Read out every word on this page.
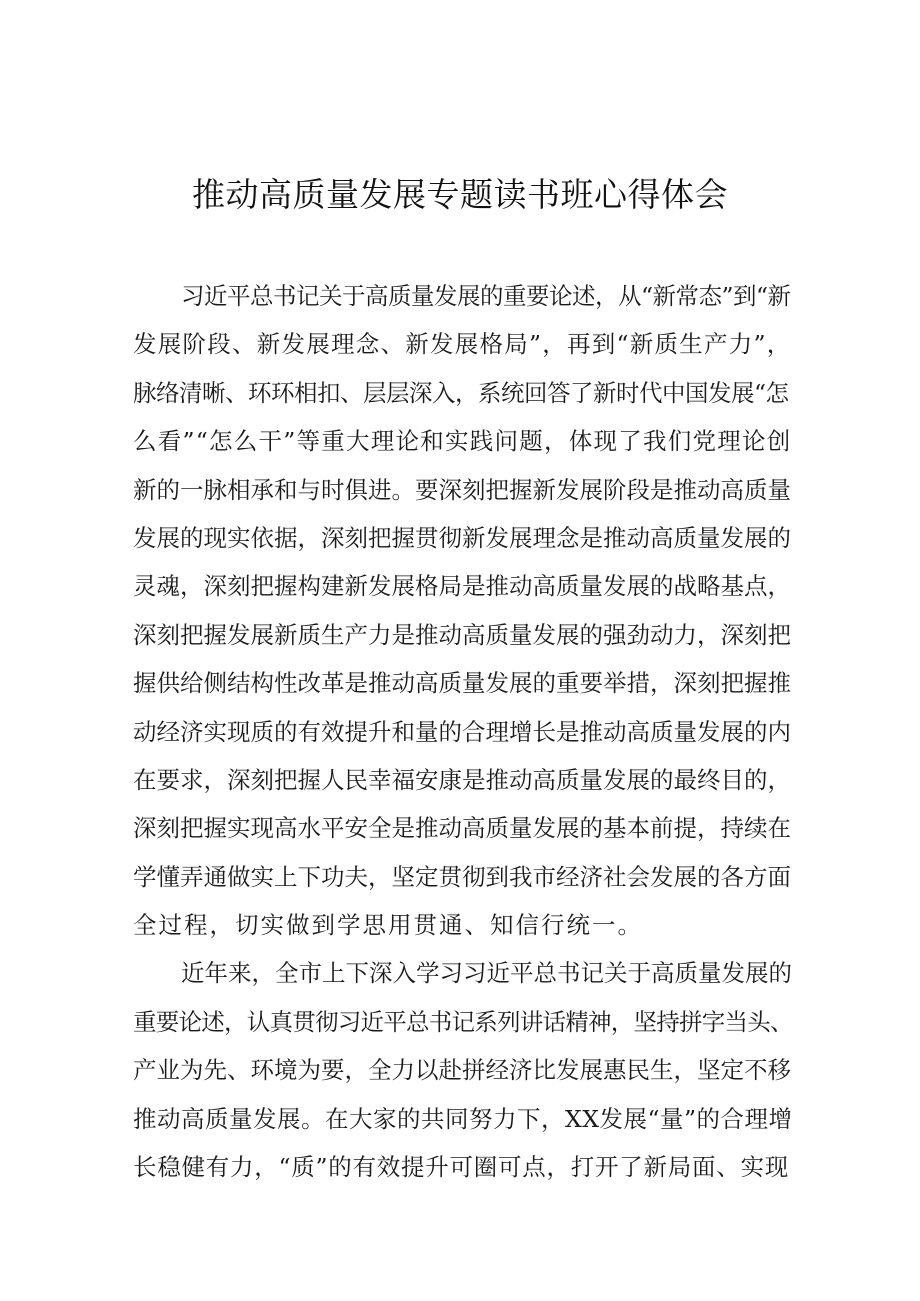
推动高质量发展专题读书班心得体会

习近平总书记关于高质量发展的重要论述，从“新常态”到“新
发展阶段、新发展理念、新发展格局”，再到“新质生产力”，
脉络清晰、环环相扣、层层深入，系统回答了新时代中国发展“怎
么看”“怎么干”等重大理论和实践问题，体现了我们党理论创
新的一脉相承和与时俱进。要深刻把握新发展阶段是推动高质量
发展的现实依据，深刻把握贯彻新发展理念是推动高质量发展的
灵魂，深刻把握构建新发展格局是推动高质量发展的战略基点，
深刻把握发展新质生产力是推动高质量发展的强劲动力，深刻把
握供给侧结构性改革是推动高质量发展的重要举措，深刻把握推
动经济实现质的有效提升和量的合理增长是推动高质量发展的内
在要求，深刻把握人民幸福安康是推动高质量发展的最终目的，
深刻把握实现高水平安全是推动高质量发展的基本前提，持续在
学懂弄通做实上下功夫，坚定贯彻到我市经济社会发展的各方面
全过程，切实做到学思用贯通、知信行统一。

近年来，全市上下深入学习习近平总书记关于高质量发展的
重要论述，认真贯彻习近平总书记系列讲话精神，坚持拼字当头、
产业为先、环境为要，全力以赴拼经济比发展惠民生，坚定不移
推动高质量发展。在大家的共同努力下，XX发展“量”的合理增
长稳健有力，“质”的有效提升可圈可点，打开了新局面、实现
